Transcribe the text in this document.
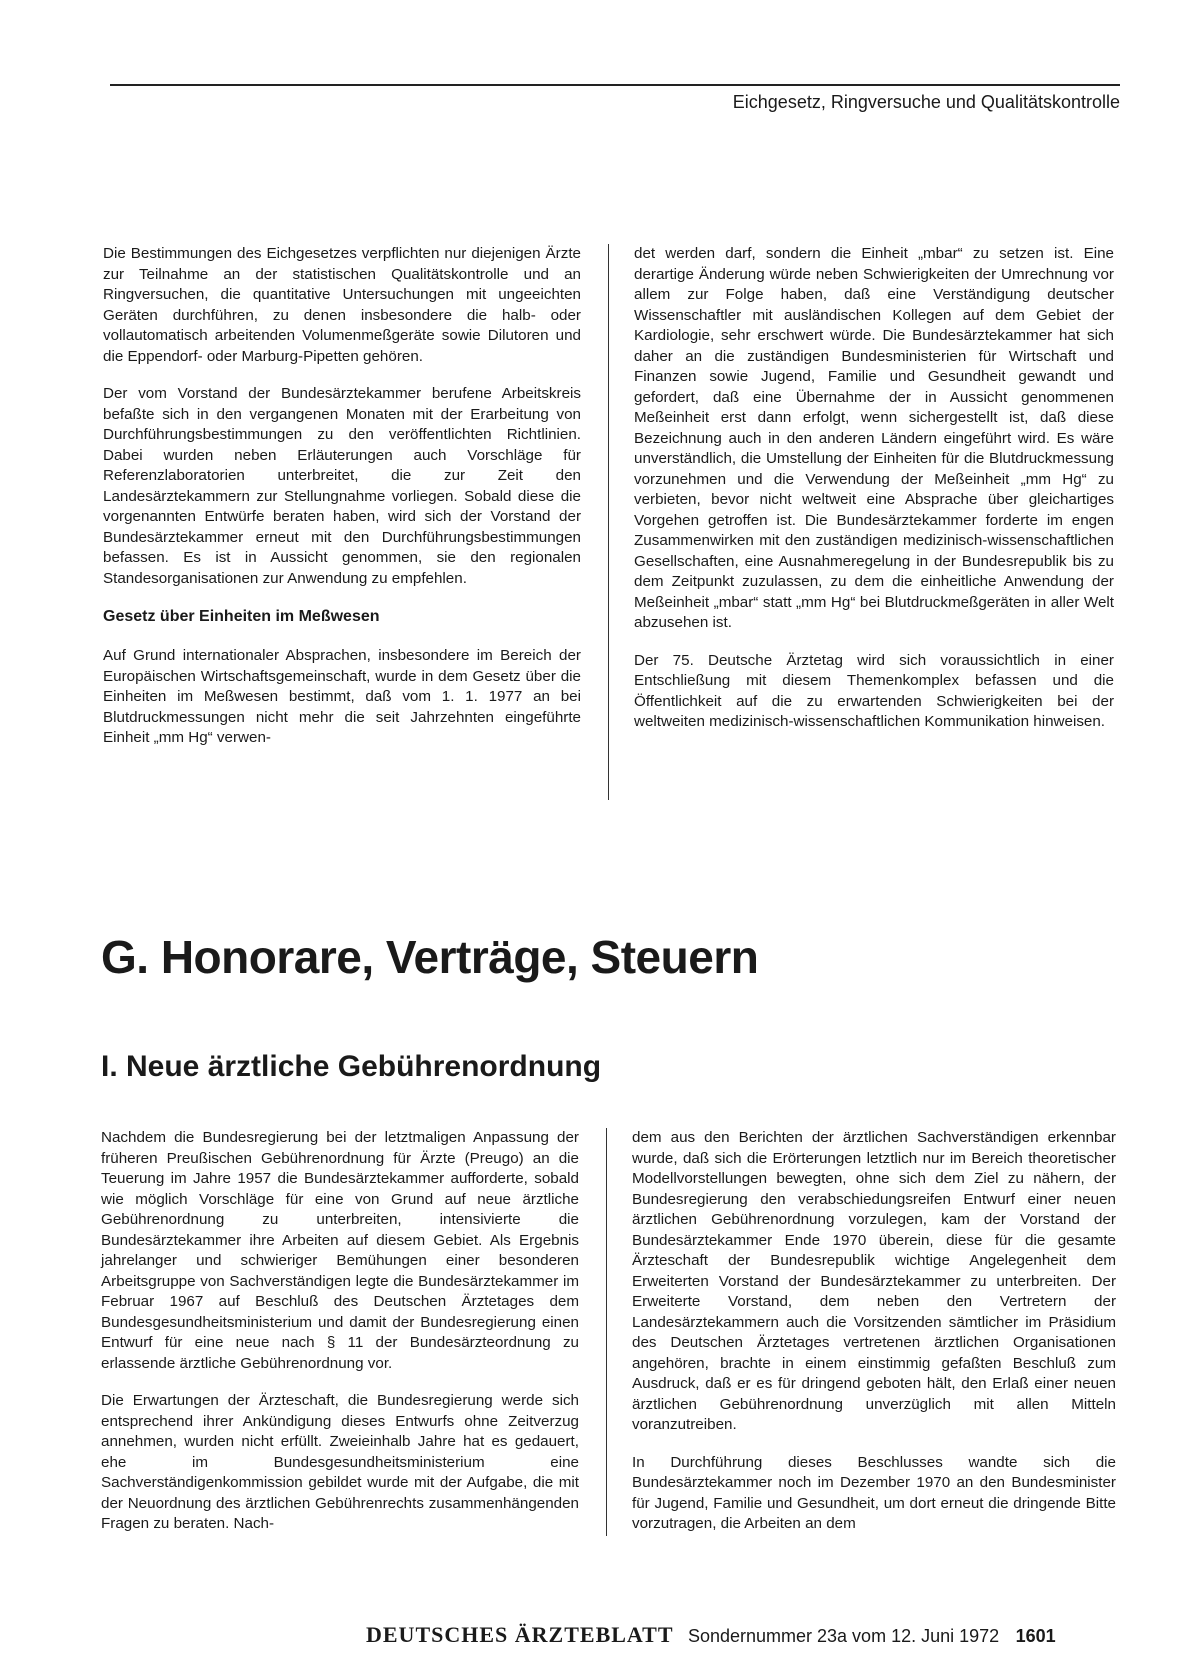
Eichgesetz, Ringversuche und Qualitätskontrolle

Die Bestimmungen des Eichgesetzes verpflichten nur diejenigen Ärzte zur Teilnahme an der statistischen Qualitätskontrolle und an Ringversuchen, die quantitative Untersuchungen mit ungeeichten Geräten durchführen, zu denen insbesondere die halb- oder vollautomatisch arbeitenden Volumenmeßgeräte sowie Dilutoren und die Eppendorf- oder Marburg-Pipetten gehören.

Der vom Vorstand der Bundesärztekammer berufene Arbeitskreis befaßte sich in den vergangenen Monaten mit der Erarbeitung von Durchführungsbestimmungen zu den veröffentlichten Richtlinien. Dabei wurden neben Erläuterungen auch Vorschläge für Referenzlaboratorien unterbreitet, die zur Zeit den Landesärztekammern zur Stellungnahme vorliegen. Sobald diese die vorgenannten Entwürfe beraten haben, wird sich der Vorstand der Bundesärztekammer erneut mit den Durchführungsbestimmungen befassen. Es ist in Aussicht genommen, sie den regionalen Standesorganisationen zur Anwendung zu empfehlen.

Gesetz über Einheiten im Meßwesen

Auf Grund internationaler Absprachen, insbesondere im Bereich der Europäischen Wirtschaftsgemeinschaft, wurde in dem Gesetz über die Einheiten im Meßwesen bestimmt, daß vom 1. 1. 1977 an bei Blutdruckmessungen nicht mehr die seit Jahrzehnten eingeführte Einheit „mm Hg“ verwen-

det werden darf, sondern die Einheit „mbar“ zu setzen ist. Eine derartige Änderung würde neben Schwierigkeiten der Umrechnung vor allem zur Folge haben, daß eine Verständigung deutscher Wissenschaftler mit ausländischen Kollegen auf dem Gebiet der Kardiologie, sehr erschwert würde. Die Bundesärztekammer hat sich daher an die zuständigen Bundesministerien für Wirtschaft und Finanzen sowie Jugend, Familie und Gesundheit gewandt und gefordert, daß eine Übernahme der in Aussicht genommenen Meßeinheit erst dann erfolgt, wenn sichergestellt ist, daß diese Bezeichnung auch in den anderen Ländern eingeführt wird. Es wäre unverständlich, die Umstellung der Einheiten für die Blutdruckmessung vorzunehmen und die Verwendung der Meßeinheit „mm Hg“ zu verbieten, bevor nicht weltweit eine Absprache über gleichartiges Vorgehen getroffen ist. Die Bundesärztekammer forderte im engen Zusammenwirken mit den zuständigen medizinisch-wissenschaftlichen Gesellschaften, eine Ausnahmeregelung in der Bundesrepublik bis zu dem Zeitpunkt zuzulassen, zu dem die einheitliche Anwendung der Meßeinheit „mbar“ statt „mm Hg“ bei Blutdruckmeßgeräten in aller Welt abzusehen ist.

Der 75. Deutsche Ärztetag wird sich voraussichtlich in einer Entschließung mit diesem Themenkomplex befassen und die Öffentlichkeit auf die zu erwartenden Schwierigkeiten bei der weltweiten medizinisch-wissenschaftlichen Kommunikation hinweisen.

G. Honorare, Verträge, Steuern
I. Neue ärztliche Gebührenordnung

Nachdem die Bundesregierung bei der letztmaligen Anpassung der früheren Preußischen Gebührenordnung für Ärzte (Preugo) an die Teuerung im Jahre 1957 die Bundesärztekammer aufforderte, sobald wie möglich Vorschläge für eine von Grund auf neue ärztliche Gebührenordnung zu unterbreiten, intensivierte die Bundesärztekammer ihre Arbeiten auf diesem Gebiet. Als Ergebnis jahrelanger und schwieriger Bemühungen einer besonderen Arbeitsgruppe von Sachverständigen legte die Bundesärztekammer im Februar 1967 auf Beschluß des Deutschen Ärztetages dem Bundesgesundheitsministerium und damit der Bundesregierung einen Entwurf für eine neue nach § 11 der Bundesärzteordnung zu erlassende ärztliche Gebührenordnung vor.

Die Erwartungen der Ärzteschaft, die Bundesregierung werde sich entsprechend ihrer Ankündigung dieses Entwurfs ohne Zeitverzug annehmen, wurden nicht erfüllt. Zweieinhalb Jahre hat es gedauert, ehe im Bundesgesundheitsministerium eine Sachverständigenkommission gebildet wurde mit der Aufgabe, die mit der Neuordnung des ärztlichen Gebührenrechts zusammenhängenden Fragen zu beraten. Nach-

dem aus den Berichten der ärztlichen Sachverständigen erkennbar wurde, daß sich die Erörterungen letztlich nur im Bereich theoretischer Modellvorstellungen bewegten, ohne sich dem Ziel zu nähern, der Bundesregierung den verabschiedungsreifen Entwurf einer neuen ärztlichen Gebührenordnung vorzulegen, kam der Vorstand der Bundesärztekammer Ende 1970 überein, diese für die gesamte Ärzteschaft der Bundesrepublik wichtige Angelegenheit dem Erweiterten Vorstand der Bundesärztekammer zu unterbreiten. Der Erweiterte Vorstand, dem neben den Vertretern der Landesärztekammern auch die Vorsitzenden sämtlicher im Präsidium des Deutschen Ärztetages vertretenen ärztlichen Organisationen angehören, brachte in einem einstimmig gefaßten Beschluß zum Ausdruck, daß er es für dringend geboten hält, den Erlaß einer neuen ärztlichen Gebührenordnung unverzüglich mit allen Mitteln voranzutreiben.

In Durchführung dieses Beschlusses wandte sich die Bundesärztekammer noch im Dezember 1970 an den Bundesminister für Jugend, Familie und Gesundheit, um dort erneut die dringende Bitte vorzutragen, die Arbeiten an dem

DEUTSCHES ÄRZTEBLATT Sondernummer 23a vom 12. Juni 1972 1601
